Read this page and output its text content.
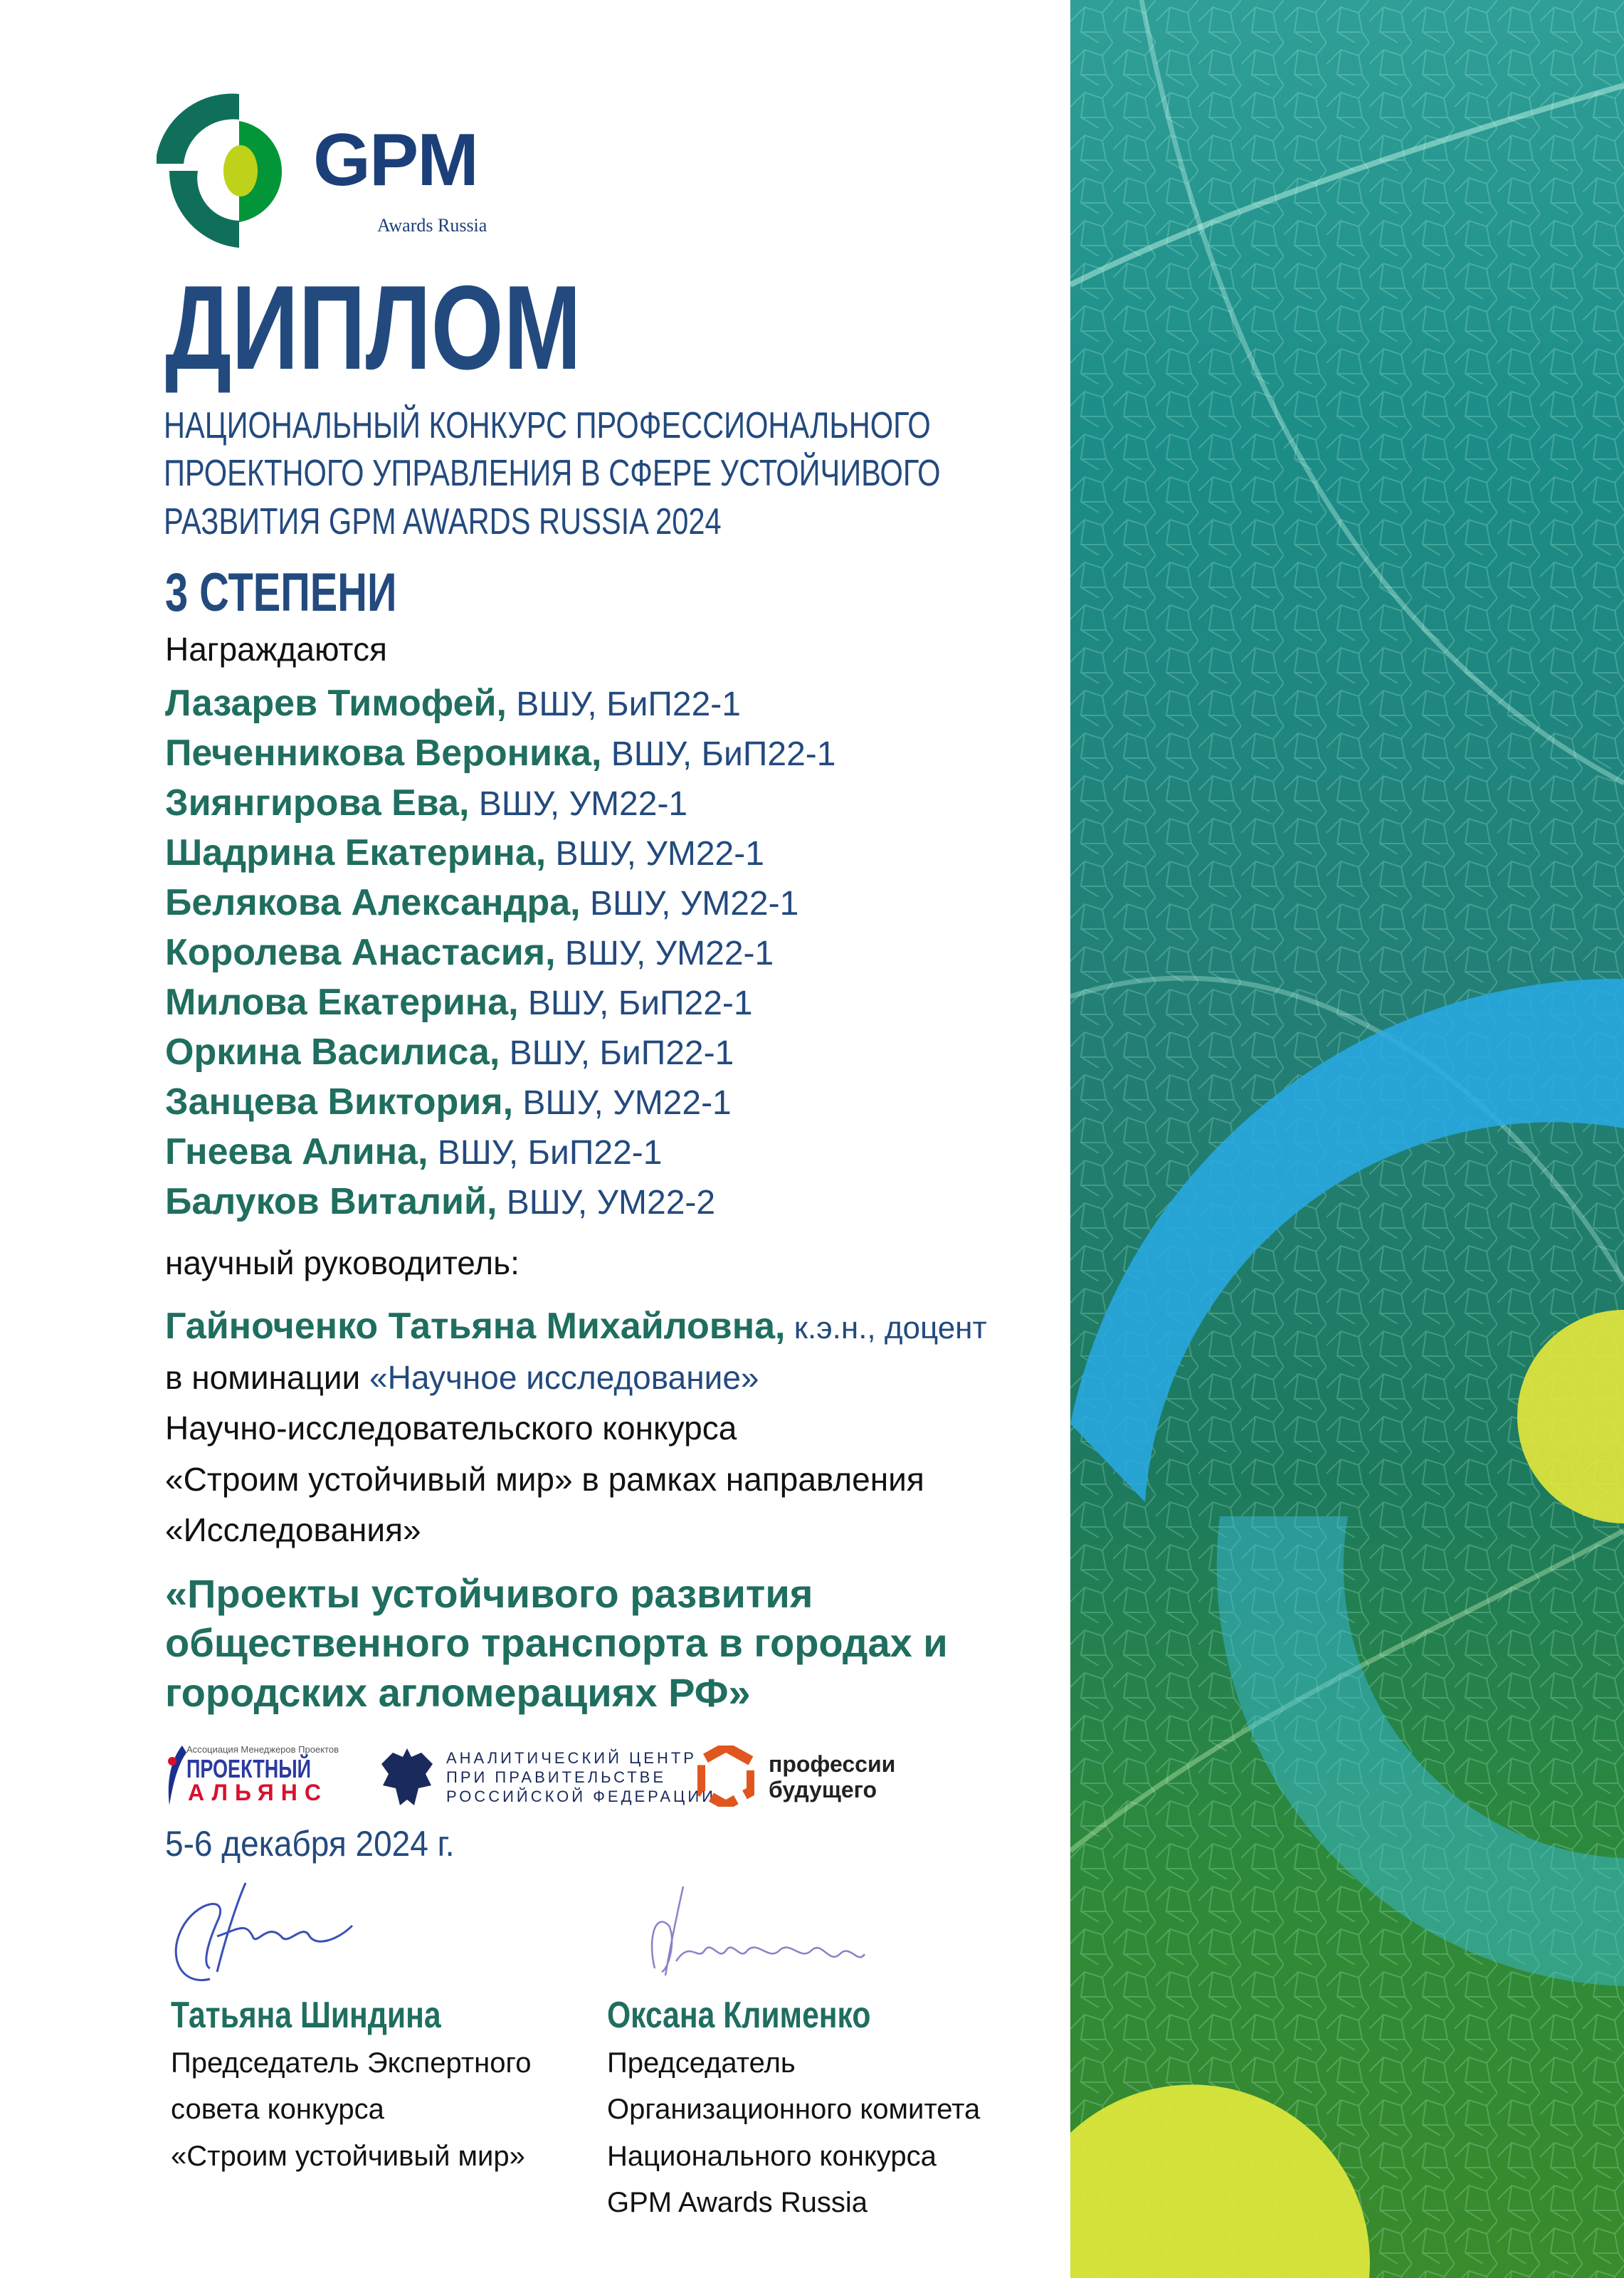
GPM
Awards Russia
ДИПЛОМ
НАЦИОНАЛЬНЫЙ КОНКУРС ПРОФЕССИОНАЛЬНОГО
ПРОЕКТНОГО УПРАВЛЕНИЯ В СФЕРЕ УСТОЙЧИВОГО
РАЗВИТИЯ GPM AWARDS RUSSIA 2024
3 СТЕПЕНИ
Награждаются
Лазарев Тимофей, ВШУ, БиП22-1
Печенникова Вероника, ВШУ, БиП22-1
Зиянгирова Ева, ВШУ, УМ22-1
Шадрина Екатерина, ВШУ, УМ22-1
Белякова Александра, ВШУ, УМ22-1
Королева Анастасия, ВШУ, УМ22-1
Милова Екатерина, ВШУ, БиП22-1
Оркина Василиса, ВШУ, БиП22-1
Занцева Виктория, ВШУ, УМ22-1
Гнеева Алина, ВШУ, БиП22-1
Балуков Виталий, ВШУ, УМ22-2
научный руководитель:
Гайноченко Татьяна Михайловна, к.э.н., доцент
в номинации «Научное исследование»
Научно-исследовательского конкурса
«Строим устойчивый мир» в рамках направления
«Исследования»
«Проекты устойчивого развития
общественного транспорта в городах и
городских агломерациях РФ»
Ассоциация Менеджеров Проектов
ПРОЕКТНЫЙ
АЛЬЯНС
АНАЛИТИЧЕСКИЙ ЦЕНТР
ПРИ ПРАВИТЕЛЬСТВЕ
РОССИЙСКОЙ ФЕДЕРАЦИИ
профессии
будущего
5-6 декабря 2024 г.
Татьяна Шиндина
Председатель Экспертного
совета конкурса
«Строим устойчивый мир»
Оксана Клименко
Председатель
Организационного комитета
Национального конкурса
GPM Awards Russia
